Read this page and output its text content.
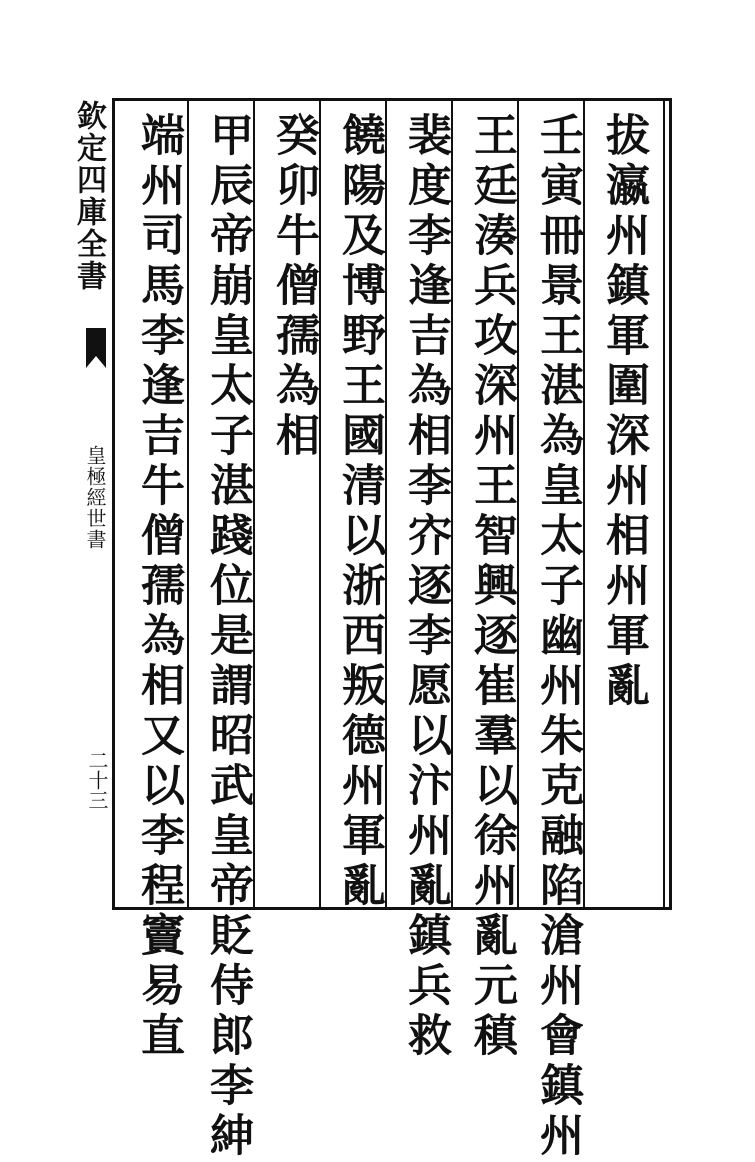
欽定四庫全書
皇極經世書
二十三
拔瀛州鎮軍圍深州相州軍亂
壬寅冊景王湛為皇太子幽州朱克融陷滄州會鎮州
王廷湊兵攻深州王智興逐崔羣以徐州亂元稹
裴度李逢吉為相李㝏逐李愿以汴州亂鎮兵救
饒陽及博野王國清以浙西叛德州軍亂
癸卯牛僧孺為相
甲辰帝崩皇太子湛踐位是謂昭武皇帝貶侍郎李紳
端州司馬李逢吉牛僧孺為相又以李程竇易直
